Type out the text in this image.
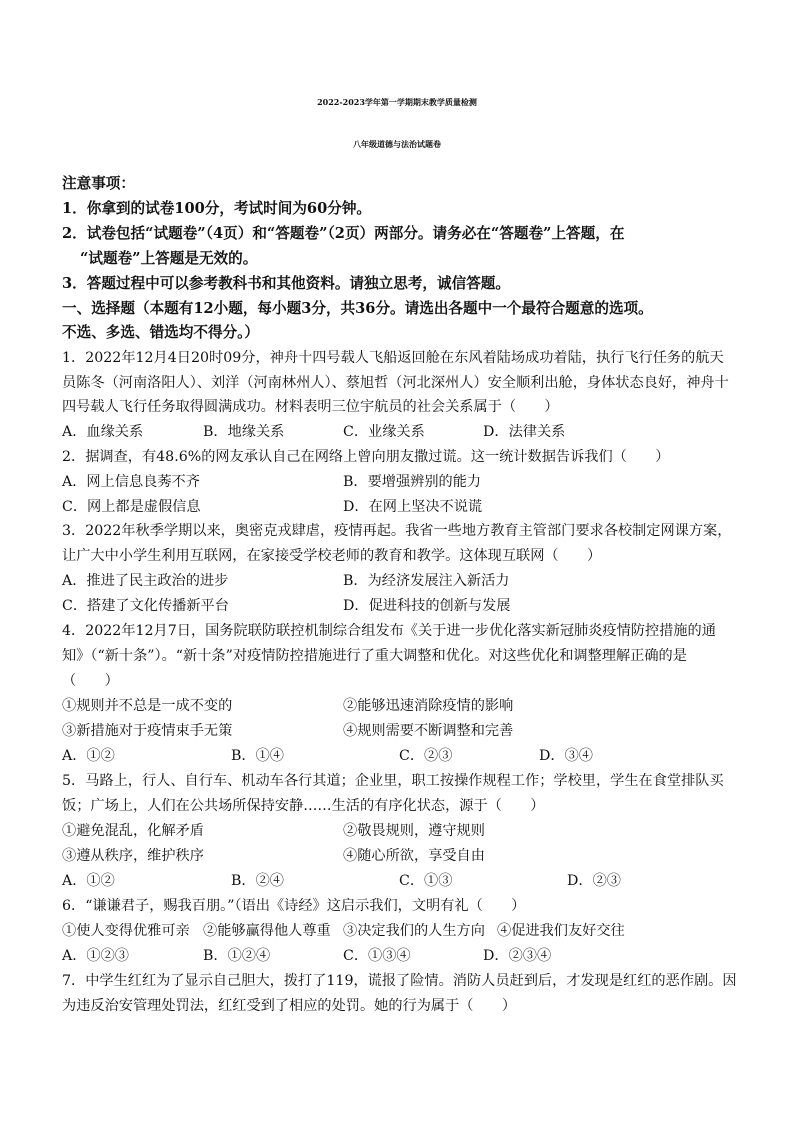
2022-2023学年第一学期期末教学质量检测
八年级道德与法治试题卷
注意事项：
1．你拿到的试卷100分，考试时间为60分钟。
2．试卷包括“试题卷”（4页）和“答题卷”（2页）两部分。请务必在“答题卷”上答题，在
“试题卷”上答题是无效的。
3．答题过程中可以参考教科书和其他资料。请独立思考，诚信答题。
一、选择题（本题有12小题，每小题3分，共36分。请选出各题中一个最符合题意的选项。
不选、多选、错选均不得分。）
1．2022年12月4日20时09分，神舟十四号载人飞船返回舱在东风着陆场成功着陆，执行飞行任务的航天
员陈冬（河南洛阳人）、刘洋（河南林州人）、蔡旭哲（河北深州人）安全顺利出舱，身体状态良好，神舟十
四号载人飞行任务取得圆满成功。材料表明三位宇航员的社会关系属于（　　）
A．血缘关系	B．地缘关系	C．业缘关系	D．法律关系
2．据调查，有48.6%的网友承认自己在网络上曾向朋友撒过谎。这一统计数据告诉我们（　　）
A．网上信息良莠不齐	B．要增强辨别的能力
C．网上都是虚假信息	D．在网上坚决不说谎
3．2022年秋季学期以来，奥密克戎肆虐，疫情再起。我省一些地方教育主管部门要求各校制定网课方案，
让广大中小学生利用互联网，在家接受学校老师的教育和教学。这体现互联网（　　）
A．推进了民主政治的进步	B．为经济发展注入新活力
C．搭建了文化传播新平台	D．促进科技的创新与发展
4．2022年12月7日，国务院联防联控机制综合组发布《关于进一步优化落实新冠肺炎疫情防控措施的通
知》（“新十条”）。“新十条”对疫情防控措施进行了重大调整和优化。对这些优化和调整理解正确的是
（　　）
①规则并不总是一成不变的	②能够迅速消除疫情的影响
③新措施对于疫情束手无策	④规则需要不断调整和完善
A．①②	B．①④	C．②③	D．③④
5．马路上，行人、自行车、机动车各行其道；企业里，职工按操作规程工作；学校里，学生在食堂排队买
饭；广场上，人们在公共场所保持安静……生活的有序化状态，源于（　　）
①避免混乱，化解矛盾	②敬畏规则，遵守规则
③遵从秩序，维护秩序	④随心所欲，享受自由
A．①②	B．②④	C．①③	D．②③
6．“谦谦君子，赐我百朋。”（语出《诗经》这启示我们，文明有礼（　　）
①使人变得优雅可亲 ②能够赢得他人尊重 ③决定我们的人生方向 ④促进我们友好交往
A．①②③	B．①②④	C．①③④	D．②③④
7．中学生红红为了显示自己胆大，拨打了119，谎报了险情。消防人员赶到后，才发现是红红的恶作剧。因
为违反治安管理处罚法，红红受到了相应的处罚。她的行为属于（　　）
